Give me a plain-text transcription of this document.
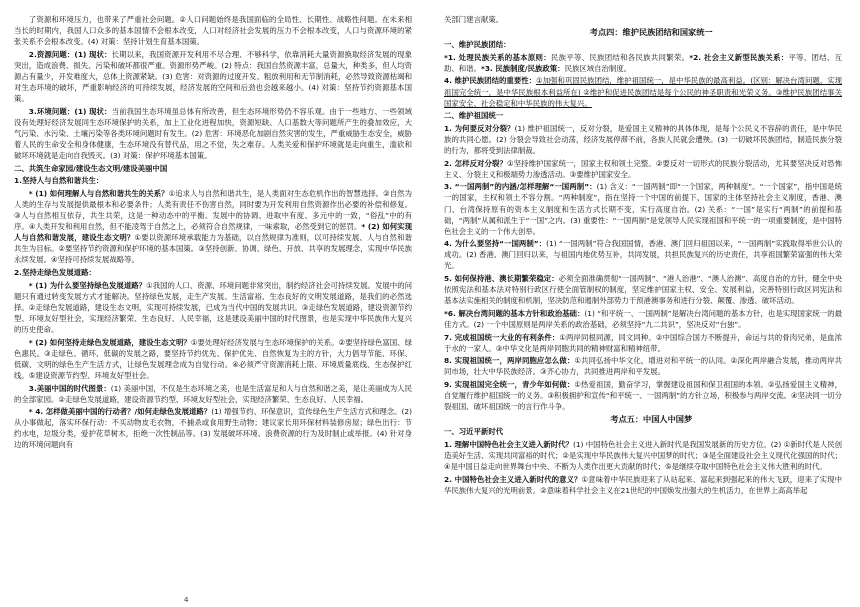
了资源和环境压力，也带来了严重社会问题。②人口问题始终是我国面临的全局性、长期性、战略性问题。在未来相当长的时期内，我国人口众多的基本国情不会根本改变，人口对经济社会发展的压力不会根本改变，人口与资源环境的紧张关系不会根本改变。(4) 对策：坚持计划生育基本国策。

2.资源问题：(1) 现状：长期以来，我国资源开发利用不尽合理、不够科学，依靠消耗大量资源换取经济发展的现象突出，造成浪费、损失、污染和破坏都很严重。资源形势严峻。(2) 特点：我国自然资源丰富，总量大，种类多，但人均资源占有量少，开发难度大，总体上资源紧缺。(3) 危害：对资源的过度开发、粗放利用和无节制消耗，必然导致资源枯竭和对生态环境的破坏，严重影响经济的可持续发展，经济发展的空间和后劲也会越来越小。(4) 对策：坚持节约资源基本国策。

3.环境问题：(1) 现状：当前我国生态环境虽总体有所改善，但生态环境形势仍不容乐观。由于一些地方、一些领域没有处理好经济发展同生态环境保护的关系，加上工业化进程加快，资源短缺、人口基数大等问题所产生的叠加效应，大气污染、水污染、土壤污染等各类环境问题时有发生。(2) 危害：环境恶化加剧自然灾害的发生，严重威胁生态安全，威胁着人民的生命安全和身体健康，生态环境没有替代品，用之不觉，失之难存。人类关爱和保护环境就是走向重生，滥砍和破坏环境就是走向自我毁灭。(3) 对策：保护环境基本国策。

二、共筑生命家园/建设生态文明/建设美丽中国

1.坚持人与自然和谐共生：

* (1) 如何理解人与自然和谐共生的关系？①追求人与自然和谐共生，是人类面对生态危机作出的智慧选择。②自然为人类的生存与发展提供最根本和必要条件；人类有责任不伤害自然，同时要为开发利用自然资源作出必要的补偿和修复。③人与自然相互依存，共生共荣，这是一种动态中的平衡。发展中的协调、进取中有度、多元中的一致，“俗乱”中的有序。④人类开发和利用自然，但不能凌驾于自然之上，必须符合自然规律，一味索取，必然受到它的惩罚。* (2) 如何实现人与自然和谐发展，建设生态文明？①要以资源环境承载能力为基础，以自然规律为准则，以可持续发展、人与自然和谐共生为目标。②要坚持节约资源和保护环境的基本国策。③坚持创新、协调、绿色、开放、共享的发展理念，实现中华民族永续发展。④坚持可持续发展战略等。

2.坚持走绿色发展道路：

* (1) 为什么要坚持绿色发展道路？①我国的人口、资源、环境问题非常突出，制约经济社会可持续发展。发展中的问题只有通过转变发展方式才能解决。坚持绿色发展，走生产发展、生活富裕、生态良好的文明发展道路，是我们的必然选择。②走绿色发展道路，建设生态文明，实现可持续发展，已成为当代中国的发展共识。③走绿色发展道路，建设资源节约型、环境友好型社会，实现经济繁荣、生态良好、人民幸福，这是建设美丽中国的时代图景，也是实现中华民族伟大复兴的历史使命。

* (2) 如何坚持走绿色发展道路，建设生态文明？①要处理好经济发展与生态环境保护的关系。②要坚持绿色富国、绿色惠民。③走绿色、循环、低碳的发展之路，要坚持节约优先、保护优先、自然恢复为主的方针，大力倡导节能、环保、低碳、文明的绿色生产生活方式，让绿色发展理念成为自觉行动。④必须严守资源消耗上限、环境质量底线、生态保护红线。⑤建设资源节约型、环境友好型社会。

3.美丽中国的时代图景：(1) 美丽中国，不仅是生态环境之美，也是生活富足和人与自然和谐之美，是让美丽成为人民的全部家园。②走绿色发展道路，建设资源节约型、环境友好型社会，实现经济繁荣、生态良好、人民幸福。

* 4. 怎样做美丽中国的行动者？/如何走绿色发展道路？(1) 增强节约、环保意识，宣传绿色生产生活方式和理念。(2) 从小事做起，落实环保行动：不买动物皮毛衣物，不捕杀或食用野生动物；建议家长用环保材料装修房屋；绿色出行：节约水电，垃圾分类，爱护花草树木，拒绝一次性制品等。(3) 发展破坏环境、浪费资源的行为及时制止或举报。(4) 针对身边的环境问题向有

关部门建言献策。

考点四：维护民族团结和国家统一

一、维护民族团结：

*1. 处理民族关系的基本原则：民族平等、民族团结和各民族共同繁荣。*2. 社会主义新型民族关系：平等、团结、互助、和谐。*3. 民族制度/民族政策：民族区域自治制度。

4. 维护民族团结的重要性：①加强和巩固民族团结，维护祖国统一，是中华民族的最高利益。(区别：解决台湾问题、实现祖国完全统一，是中华民族根本利益所在) ②维护和促进民族团结是每个公民的神圣职责和光荣义务。③维护民族团结事关国家安全、社会稳定和中华民族的伟大复兴。

二、维护祖国统一

1. 为何要反对分裂？(1) 维护祖国统一，反对分裂，是爱国主义精神的具体体现，是每个公民义不容辞的责任，是中华民族的共同心愿。(2) 分裂会导致社会动荡，经济发展停滞不前，各族人民就会遭殃。(3) 一切破坏民族团结，制造民族分裂的行为，都将受到法律制裁。

2. 怎样反对分裂？①坚持维护国家统一，国家主权和领土完整。②要反对一切形式的民族分裂活动，尤其要坚决反对恐怖主义、分裂主义和极端势力渗透活动。③要维护国家安全。

3. “一国两制”的内涵/怎样理解“一国两制”：(1) 含义：“一国两制”即“一个国家，两种制度”。“一个国家”，指中国是统一的国家，主权和领土不容分割。“两种制度”，指在坚持一个中国的前提下，国家的主体坚持社会主义制度，香港、澳门、台湾保持原有的资本主义制度和生活方式长期不变，实行高度自治。(2) 关系：“一国”是实行“两制”的前提和基础，“两制”从属和派生于“一国”之内。(3) 重要性：“一国两制”是党领导人民实现祖国和平统一的一项重要制度，是中国特色社会主义的一个伟大创举。

4. 为什么要坚持“一国两制”：(1) “一国两制”符合我国国情，香港、澳门回归祖国以来，“一国两制”实践取得举世公认的成功。(2) 香港、澳门回归以来，与祖国内地优势互补，共同发展，共担民族复兴的历史责任，共享祖国繁荣富强的伟大荣光。

5. 如何保持港、澳长期繁荣稳定：必须全面准确贯彻“一国两制”、“港人治港”、“澳人治澳”、高度自治的方针，健全中央依照宪法和基本法对特别行政区行使全面管制权的制度，坚定维护国家主权、安全、发展利益，完善特别行政区同宪法和基本法实施相关的制度和机制，坚决防范和遏制外部势力干预港澳事务和进行分裂、颠覆、渗透、破坏活动。

*6. 解决台湾问题的基本方针和政治基础：(1) “和平统一、一国两制”是解决台湾问题的基本方针，也是实现国家统一的最佳方式。(2) 一个中国原则是两岸关系的政治基础，必须坚持“九二共识”，坚决反对“台独”。

7. 完成祖国统一大业的有利条件：①两岸同根同源，同文同种。②中国综合国力不断提升，命运与共的骨肉兄弟，是血浓于水的一家人。③中华文化是两岸同胞共同的精神财富和精神纽带。

8. 实现祖国统一，两岸同胞应怎么做：①共同弘扬中华文化，增进对和平统一的认同。②深化两岸融合发展，推动两岸共同市场，壮大中华民族经济。③齐心协力，共同推进两岸和平发展。

9. 实现祖国完全统一，青少年如何做：①热爱祖国，勤奋学习，掌握建设祖国和保卫祖国的本领。②弘扬爱国主义精神，自觉履行维护祖国统一的义务。③积极拥护和宣传“和平统一、一国两制”的方针立场，积极参与两岸交流。④坚决同一切分裂祖国、破坏祖国统一的言行作斗争。

考点五：中国人中国梦

一、习近平新时代

1. 理解中国特色社会主义进入新时代？(1) 中国特色社会主义进入新时代是我国发展新的历史方位。(2) ①新时代是人民创造美好生活、实现共同富裕的时代；②是实现中华民族伟大复兴中国梦的时代；③是全面建设社会主义现代化强国的时代；④是中国日益走向世界舞台中央、不断为人类作出更大贡献的时代；⑤是继续夺取中国特色社会主义伟大胜利的时代。

2. 中国特色社会主义进入新时代的意义？①意味着中华民族迎来了从站起来、富起来到强起来的伟大飞跃，迎来了实现中华民族伟大复兴的光明前景。②意味着科学社会主义在21世纪的中国焕发出强大的生机活力，在世界上高高举起

4
